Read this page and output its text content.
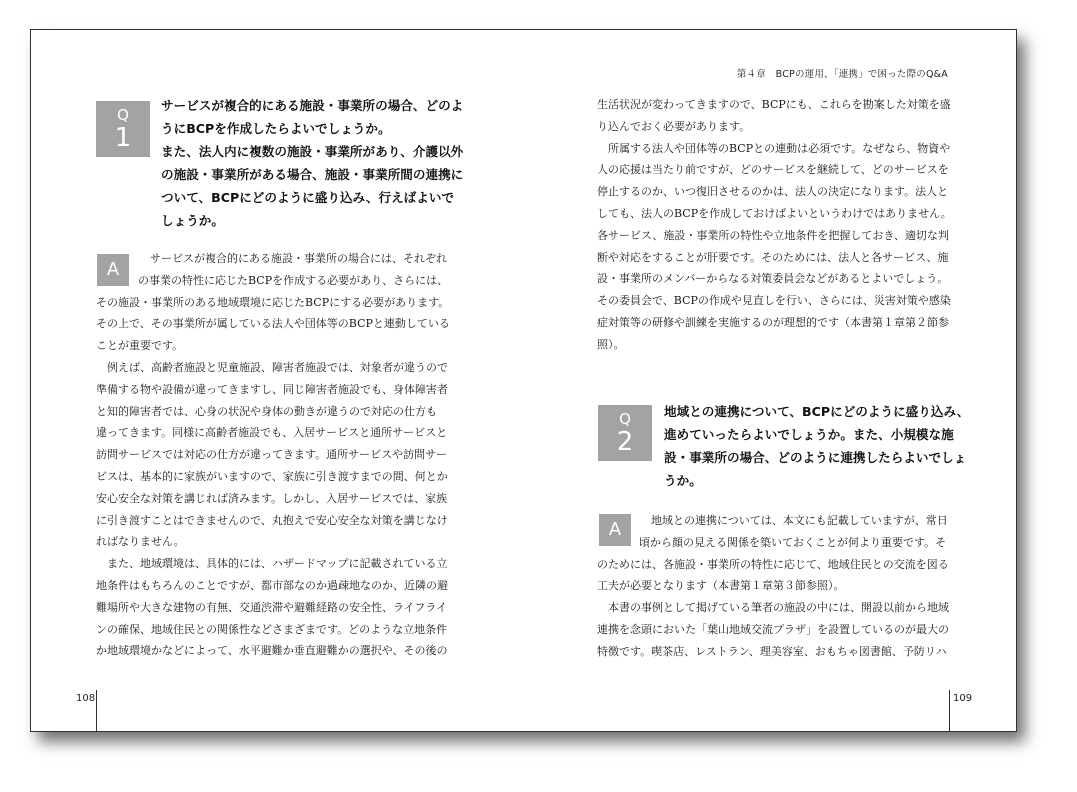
第４章　BCPの運用、「連携」で困った際のQ&A
Q
1
サービスが複合的にある施設・事業所の場合、どのよ
うにBCPを作成したらよいでしょうか。
また、法人内に複数の施設・事業所があり、介護以外
の施設・事業所がある場合、施設・事業所間の連携に
ついて、BCPにどのように盛り込み、行えばよいで
しょうか。
A
サービスが複合的にある施設・事業所の場合には、それぞれ
の事業の特性に応じたBCPを作成する必要があり、さらには、
その施設・事業所のある地域環境に応じたBCPにする必要があります。
その上で、その事業所が属している法人や団体等のBCPと連動している
ことが重要です。
　例えば、高齢者施設と児童施設、障害者施設では、対象者が違うので
準備する物や設備が違ってきますし、同じ障害者施設でも、身体障害者
と知的障害者では、心身の状況や身体の動きが違うので対応の仕方も
違ってきます。同様に高齢者施設でも、入居サービスと通所サービスと
訪問サービスでは対応の仕方が違ってきます。通所サービスや訪問サー
ビスは、基本的に家族がいますので、家族に引き渡すまでの間、何とか
安心安全な対策を講じれば済みます。しかし、入居サービスでは、家族
に引き渡すことはできませんので、丸抱えで安心安全な対策を講じなけ
ればなりません。
　また、地域環境は、具体的には、ハザードマップに記載されている立
地条件はもちろんのことですが、都市部なのか過疎地なのか、近隣の避
難場所や大きな建物の有無、交通渋滞や避難経路の安全性、ライフライ
ンの確保、地域住民との関係性などさまざまです。どのような立地条件
か地域環境かなどによって、水平避難か垂直避難かの選択や、その後の
108
生活状況が変わってきますので、BCPにも、これらを勘案した対策を盛
り込んでおく必要があります。
　所属する法人や団体等のBCPとの連動は必須です。なぜなら、物資や
人の応援は当たり前ですが、どのサービスを継続して、どのサービスを
停止するのか、いつ復旧させるのかは、法人の決定になります。法人と
しても、法人のBCPを作成しておけばよいというわけではありません。
各サービス、施設・事業所の特性や立地条件を把握しておき、適切な判
断や対応をすることが肝要です。そのためには、法人と各サービス、施
設・事業所のメンバーからなる対策委員会などがあるとよいでしょう。
その委員会で、BCPの作成や見直しを行い、さらには、災害対策や感染
症対策等の研修や訓練を実施するのが理想的です（本書第１章第２節参
照）。
Q
2
地域との連携について、BCPにどのように盛り込み、
進めていったらよいでしょうか。また、小規模な施
設・事業所の場合、どのように連携したらよいでしょ
うか。
A	地域との連携については、本文にも記載していますが、常日
頃から顔の見える関係を築いておくことが何より重要です。そ
のためには、各施設・事業所の特性に応じて、地域住民との交流を図る
工夫が必要となります（本書第１章第３節参照）。
　本書の事例として掲げている筆者の施設の中には、開設以前から地域
連携を念頭においた「葉山地域交流プラザ」を設置しているのが最大の
特徴です。喫茶店、レストラン、理美容室、おもちゃ図書館、予防リハ
109
